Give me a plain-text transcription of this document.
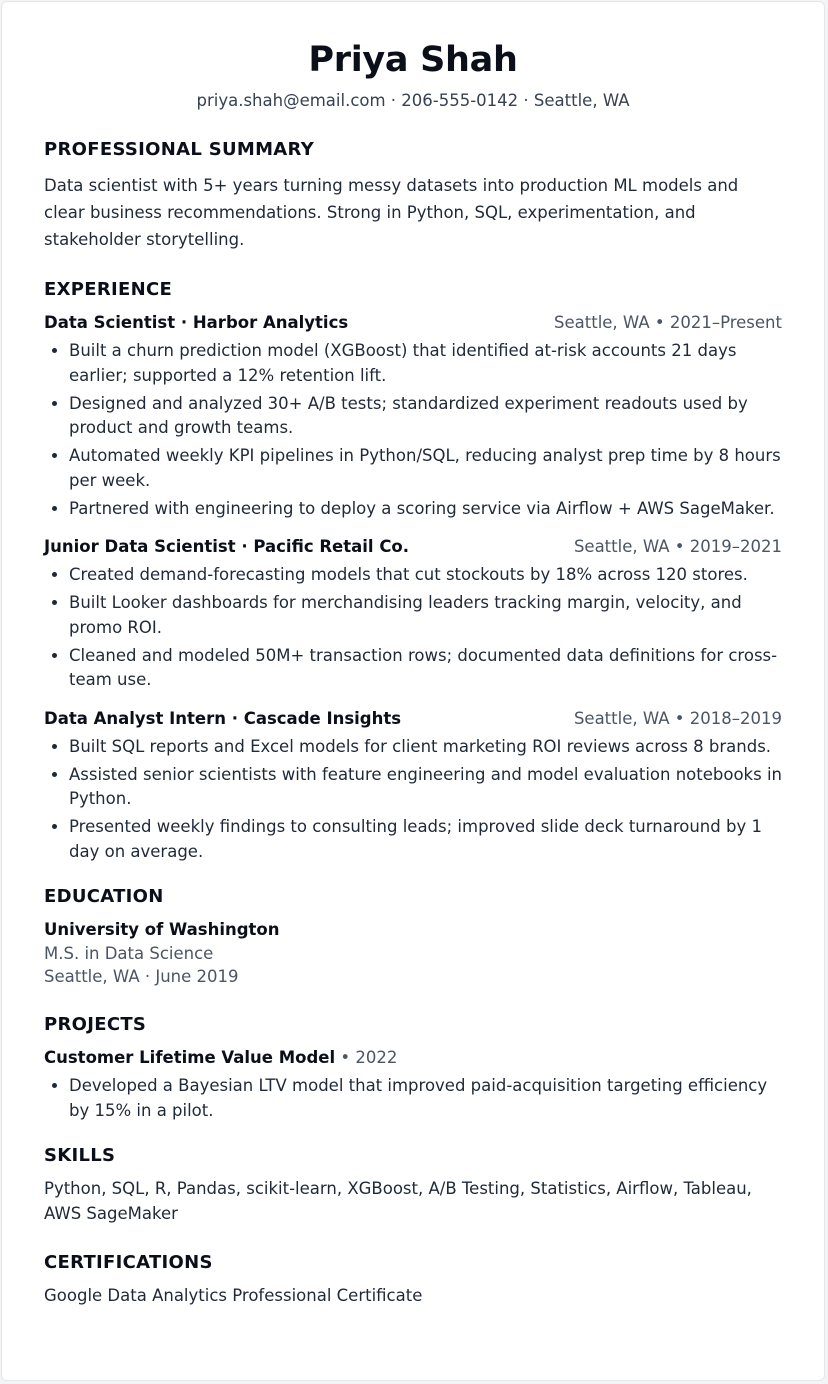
Priya Shah
priya.shah@email.com · 206-555-0142 · Seattle, WA
PROFESSIONAL SUMMARY

Data scientist with 5+ years turning messy datasets into production ML models and clear business recommendations. Strong in Python, SQL, experimentation, and stakeholder storytelling.

EXPERIENCE
Data Scientist · Harbor Analytics	Seattle, WA • 2021–Present
• Built a churn prediction model (XGBoost) that identified at-risk accounts 21 days earlier; supported a 12% retention lift.
• Designed and analyzed 30+ A/B tests; standardized experiment readouts used by product and growth teams.
• Automated weekly KPI pipelines in Python/SQL, reducing analyst prep time by 8 hours per week.
• Partnered with engineering to deploy a scoring service via Airflow + AWS SageMaker.
Junior Data Scientist · Pacific Retail Co.	Seattle, WA • 2019–2021
• Created demand-forecasting models that cut stockouts by 18% across 120 stores.
• Built Looker dashboards for merchandising leaders tracking margin, velocity, and promo ROI.
• Cleaned and modeled 50M+ transaction rows; documented data definitions for cross-team use.
Data Analyst Intern · Cascade Insights	Seattle, WA • 2018–2019
• Built SQL reports and Excel models for client marketing ROI reviews across 8 brands.
• Assisted senior scientists with feature engineering and model evaluation notebooks in Python.
• Presented weekly findings to consulting leads; improved slide deck turnaround by 1 day on average.
EDUCATION
University of Washington
M.S. in Data Science
Seattle, WA · June 2019
PROJECTS
Customer Lifetime Value Model • 2022
• Developed a Bayesian LTV model that improved paid-acquisition targeting efficiency by 15% in a pilot.
SKILLS

Python, SQL, R, Pandas, scikit-learn, XGBoost, A/B Testing, Statistics, Airflow, Tableau, AWS SageMaker

CERTIFICATIONS

Google Data Analytics Professional Certificate
